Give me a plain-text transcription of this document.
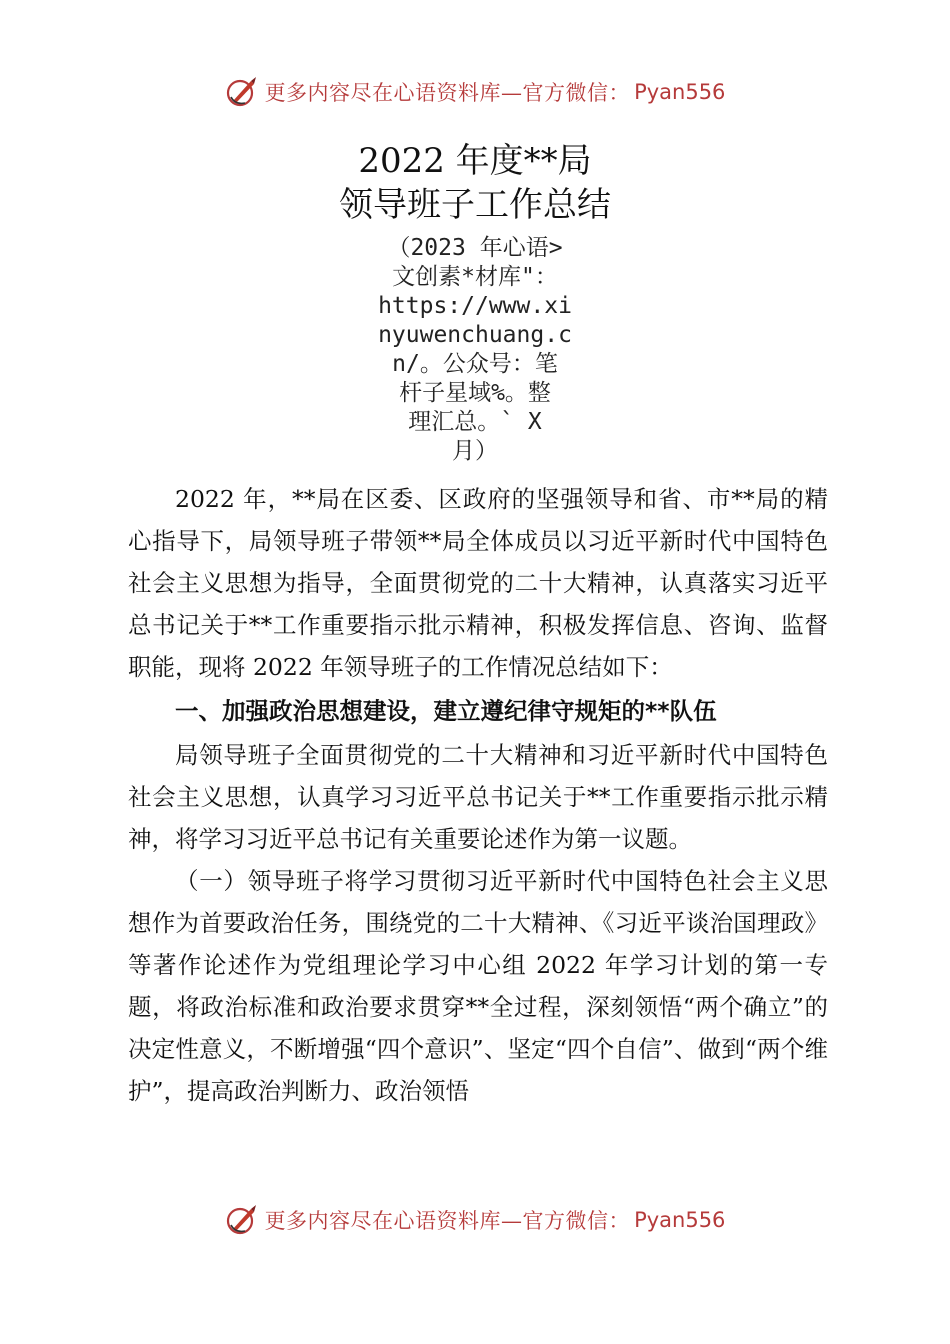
更多内容尽在心语资料库—官方微信： Pyan556
2022 年度**局
领导班子工作总结
（2023 年心语>
文创素*材库"：
https://www.xi
nyuwenchuang.c
n/。公众号：笔
杆子星域%。整
理汇总。` X
月）

2022 年，**局在区委、区政府的坚强领导和省、市**局的精心指导下，局领导班子带领**局全体成员以习近平新时代中国特色社会主义思想为指导，全面贯彻党的二十大精神，认真落实习近平总书记关于**工作重要指示批示精神，积极发挥信息、咨询、监督职能，现将 2022 年领导班子的工作情况总结如下：

一、加强政治思想建设，建立遵纪律守规矩的**队伍

局领导班子全面贯彻党的二十大精神和习近平新时代中国特色社会主义思想，认真学习习近平总书记关于**工作重要指示批示精神，将学习习近平总书记有关重要论述作为第一议题。

（一）领导班子将学习贯彻习近平新时代中国特色社会主义思想作为首要政治任务，围绕党的二十大精神、《习近平谈治国理政》等著作论述作为党组理论学习中心组 2022 年学习计划的第一专题，将政治标准和政治要求贯穿**全过程，深刻领悟“两个确立”的决定性意义，不断增强“四个意识”、坚定“四个自信”、做到“两个维护”，提高政治判断力、政治领悟

更多内容尽在心语资料库—官方微信： Pyan556
